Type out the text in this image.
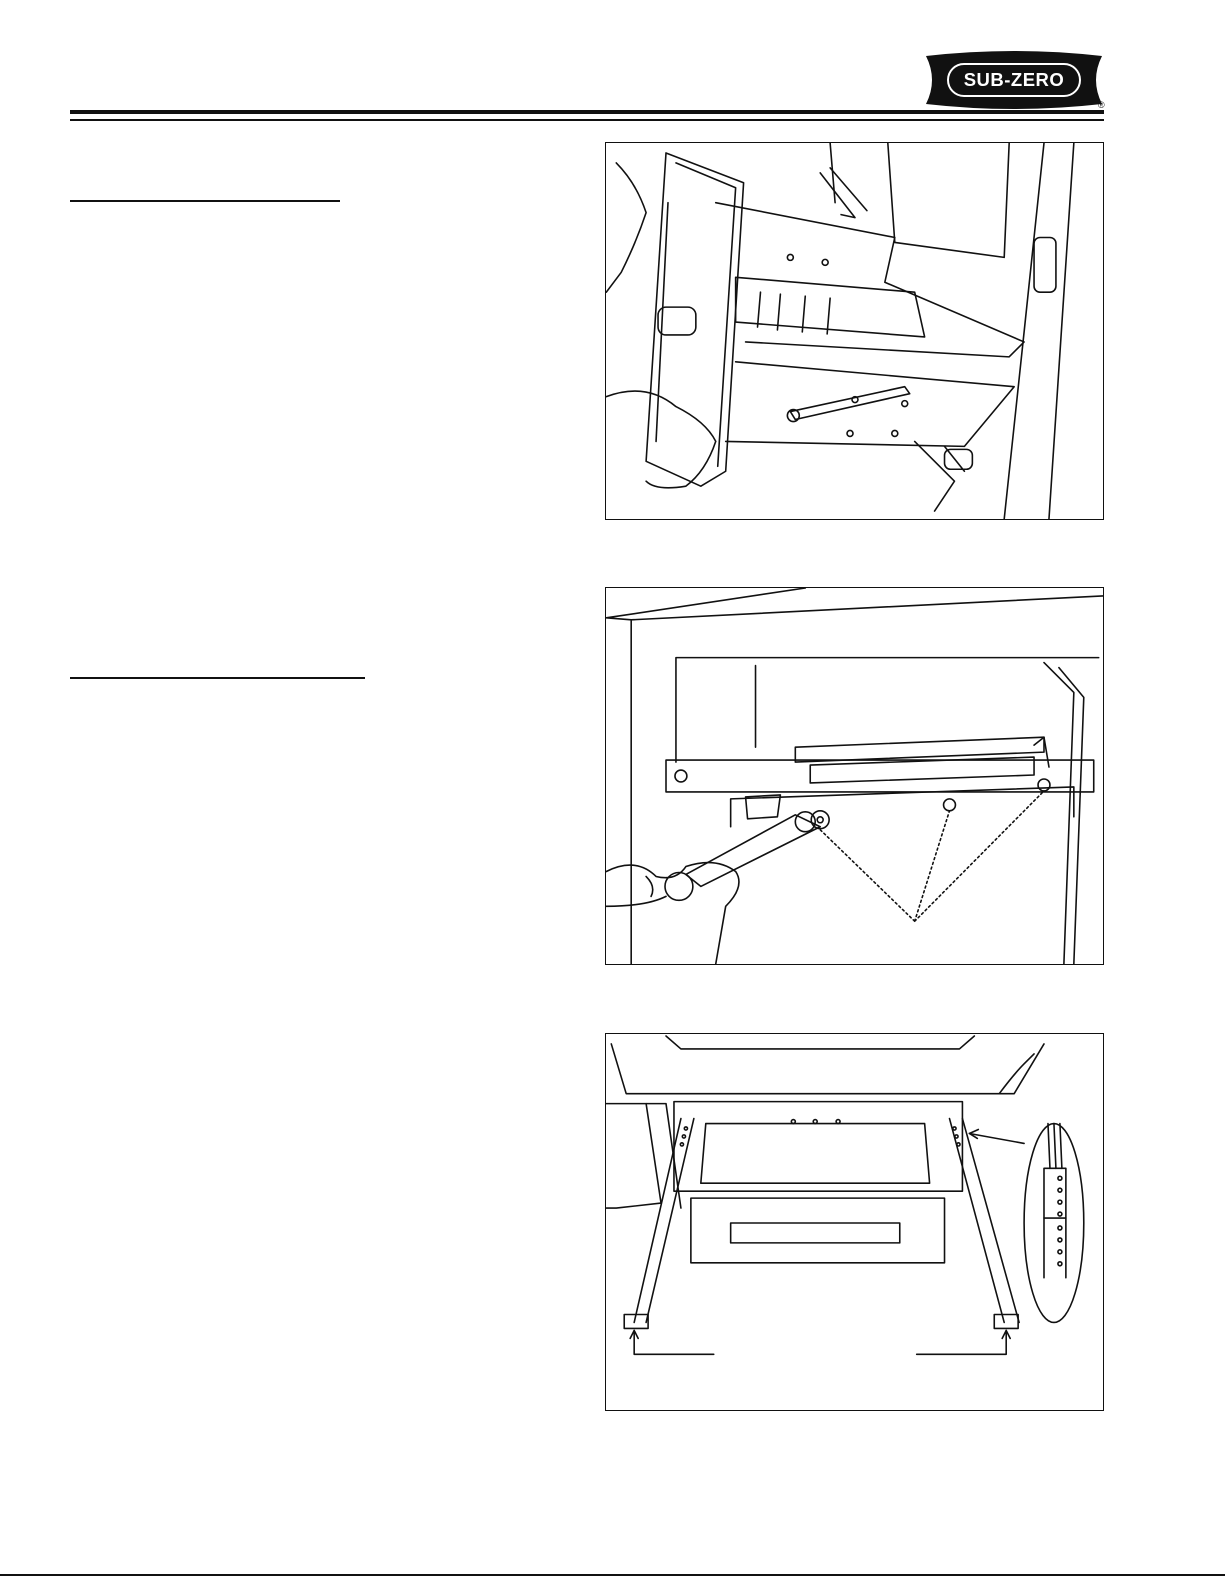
SUB-ZERO
®
